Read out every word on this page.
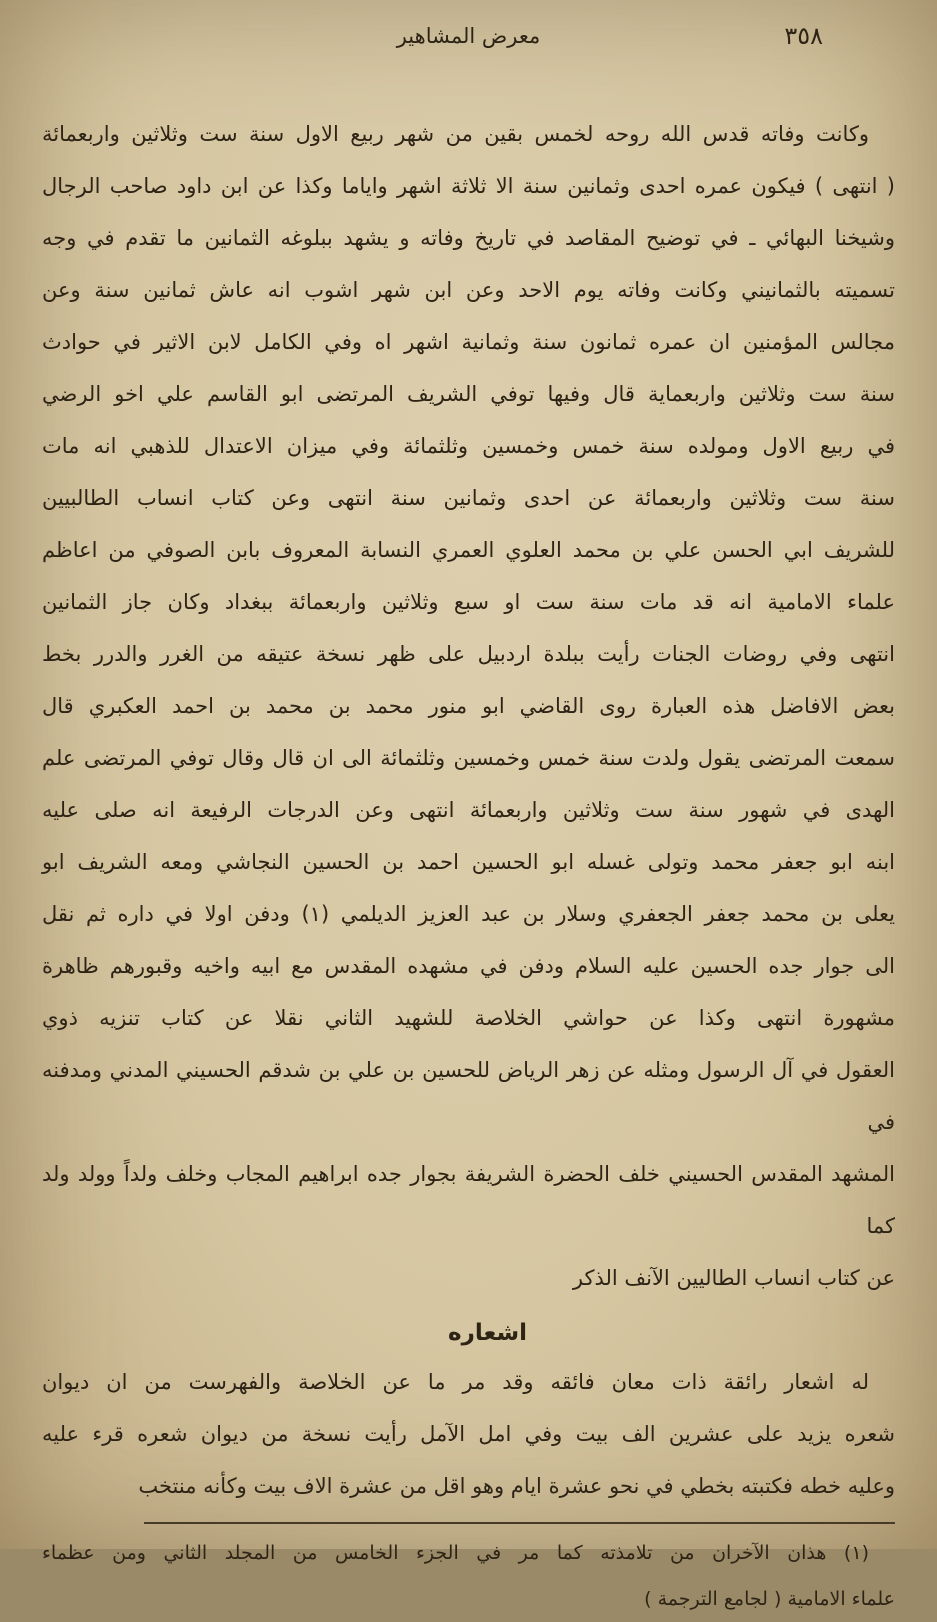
٣٥٨
معرض المشاهير
وكانت وفاته قدس الله روحه لخمس بقين من شهر ربيع الاول سنة ست وثلاثين واربعمائة
( انتهى ) فيكون عمره احدى وثمانين سنة الا ثلاثة اشهر واياما وكذا عن ابن داود صاحب الرجال
وشيخنا البهائي ـ في توضيح المقاصد في تاريخ وفاته و يشهد ببلوغه الثمانين ما تقدم في وجه
تسميته بالثمانيني وكانت وفاته يوم الاحد وعن ابن شهر اشوب انه عاش ثمانين سنة وعن
مجالس المؤمنين ان عمره ثمانون سنة وثمانية اشهر اه وفي الكامل لابن الاثير في حوادث
سنة ست وثلاثين واربعماية قال وفيها توفي الشريف المرتضى ابو القاسم علي اخو الرضي
في ربيع الاول ومولده سنة خمس وخمسين وثلثمائة وفي ميزان الاعتدال للذهبي انه مات
سنة ست وثلاثين واربعمائة عن احدى وثمانين سنة انتهى وعن كتاب انساب الطالبيين
للشريف ابي الحسن علي بن محمد العلوي العمري النسابة المعروف بابن الصوفي من اعاظم
علماء الامامية انه قد مات سنة ست او سبع وثلاثين واربعمائة ببغداد وكان جاز الثمانين
انتهى وفي روضات الجنات رأيت ببلدة اردبيل على ظهر نسخة عتيقه من الغرر والدرر بخط
بعض الافاضل هذه العبارة روى القاضي ابو منور محمد بن محمد بن احمد العكبري قال
سمعت المرتضى يقول ولدت سنة خمس وخمسين وثلثمائة الى ان قال وقال توفي المرتضى علم
الهدى في شهور سنة ست وثلاثين واربعمائة انتهى وعن الدرجات الرفيعة انه صلى عليه
ابنه ابو جعفر محمد وتولى غسله ابو الحسين احمد بن الحسين النجاشي ومعه الشريف ابو
يعلى بن محمد جعفر الجعفري وسلار بن عبد العزيز الديلمي (١) ودفن اولا في داره ثم نقل
الى جوار جده الحسين عليه السلام ودفن في مشهده المقدس مع ابيه واخيه وقبورهم ظاهرة
مشهورة انتهى وكذا عن حواشي الخلاصة للشهيد الثاني نقلا عن كتاب تنزيه ذوي
العقول في آل الرسول ومثله عن زهر الرياض للحسين بن علي بن شدقم الحسيني المدني ومدفنه في
المشهد المقدس الحسيني خلف الحضرة الشريفة بجوار جده ابراهيم المجاب وخلف ولداً وولد ولد كما
عن كتاب انساب الطاليين الآنف الذكر
اشعاره
له اشعار رائقة ذات معان فائقه وقد مر ما عن الخلاصة والفهرست من ان ديوان
شعره يزيد على عشرين الف بيت وفي امل الآمل رأيت نسخة من ديوان شعره قرء عليه
وعليه خطه فكتبته بخطي في نحو عشرة ايام وهو اقل من عشرة الاف بيت وكأنه منتخب
(١) هذان الآخران من تلامذته كما مر في الجزء الخامس من المجلد الثاني ومن عظماء
علماء الامامية ( لجامع الترجمة )
